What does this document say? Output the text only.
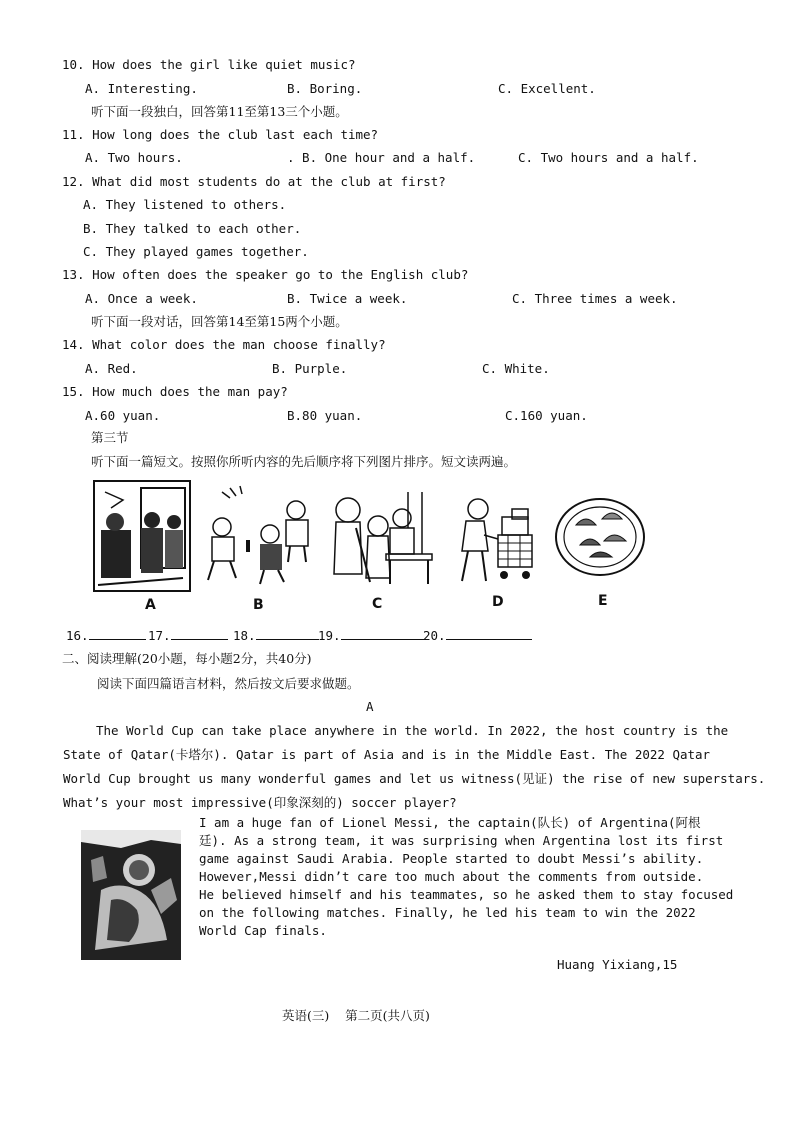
10. How does the girl like quiet music?
A. Interesting.	B. Boring.	C. Excellent.
听下面一段独白，回答第11至第13三个小题。
11. How long does the club last each time?
A. Two hours.	. B. One hour and a half.	C. Two hours and a half.
12. What did most students do at the club at first?
A. They listened to others.
B. They talked to each other.
C. They played games together.
13. How often does the speaker go to the English club?
A. Once a week.	B. Twice a week.	C. Three times a week.
听下面一段对话，回答第14至第15两个小题。
14. What color does the man choose finally?
A. Red.	B. Purple.	C. White.
15. How much does the man pay?
A.60 yuan.	B.80 yuan.	C.160 yuan.
第三节
听下面一篇短文。按照你所听内容的先后顺序将下列图片排序。短文读两遍。
A	B	C	D	E
16.	17.	18.	19.	20.
二、阅读理解(20小题，每小题2分，共40分)
阅读下面四篇语言材料，然后按文后要求做题。
A
The World Cup can take place anywhere in the world. In 2022, the host country is the
State of Qatar(卡塔尔). Qatar is part of Asia and is in the Middle East. The 2022 Qatar
World Cup brought us many wonderful games and let us witness(见证) the rise of new superstars.
What’s your most impressive(印象深刻的) soccer player?
I am a huge fan of Lionel Messi, the captain(队长) of Argentina(阿根
廷). As a strong team, it was surprising when Argentina lost its first
game against Saudi Arabia. People started to doubt Messi’s ability.
However,Messi didn’t care too much about the comments from outside.
He believed himself and his teammates, so he asked them to stay focused
on the following matches. Finally, he led his team to win the 2022
World Cap finals.
Huang Yixiang,15
英语(三)    第二页(共八页)
